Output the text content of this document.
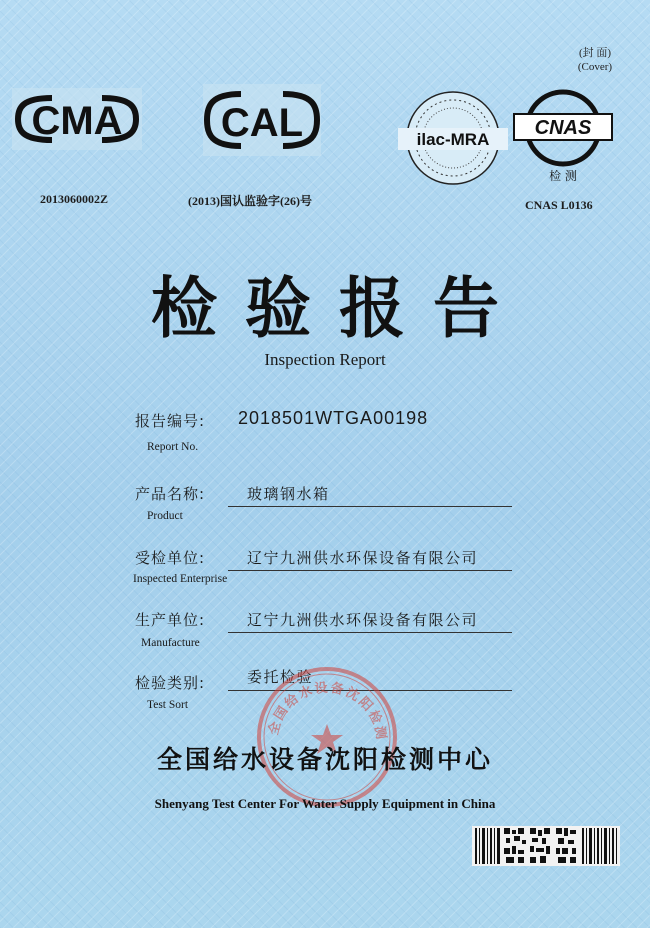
(封 面)
(Cover)
CMA
2013060002Z
CAL
(2013)国认监验字(26)号
ilac-MRA
CNAS
检 测
CNAS L0136
检验报告
Inspection Report
报告编号: 2018501WTGA00198
Report No.
产品名称:	玻璃钢水箱
Product
受检单位:	辽宁九洲供水环保设备有限公司
Inspected Enterprise
生产单位:	辽宁九洲供水环保设备有限公司
Manufacture
检验类别:	委托检验
Test Sort
全国给水设备沈阳检测
全国给水设备沈阳检测中心
Shenyang Test Center For Water Supply Equipment in China
